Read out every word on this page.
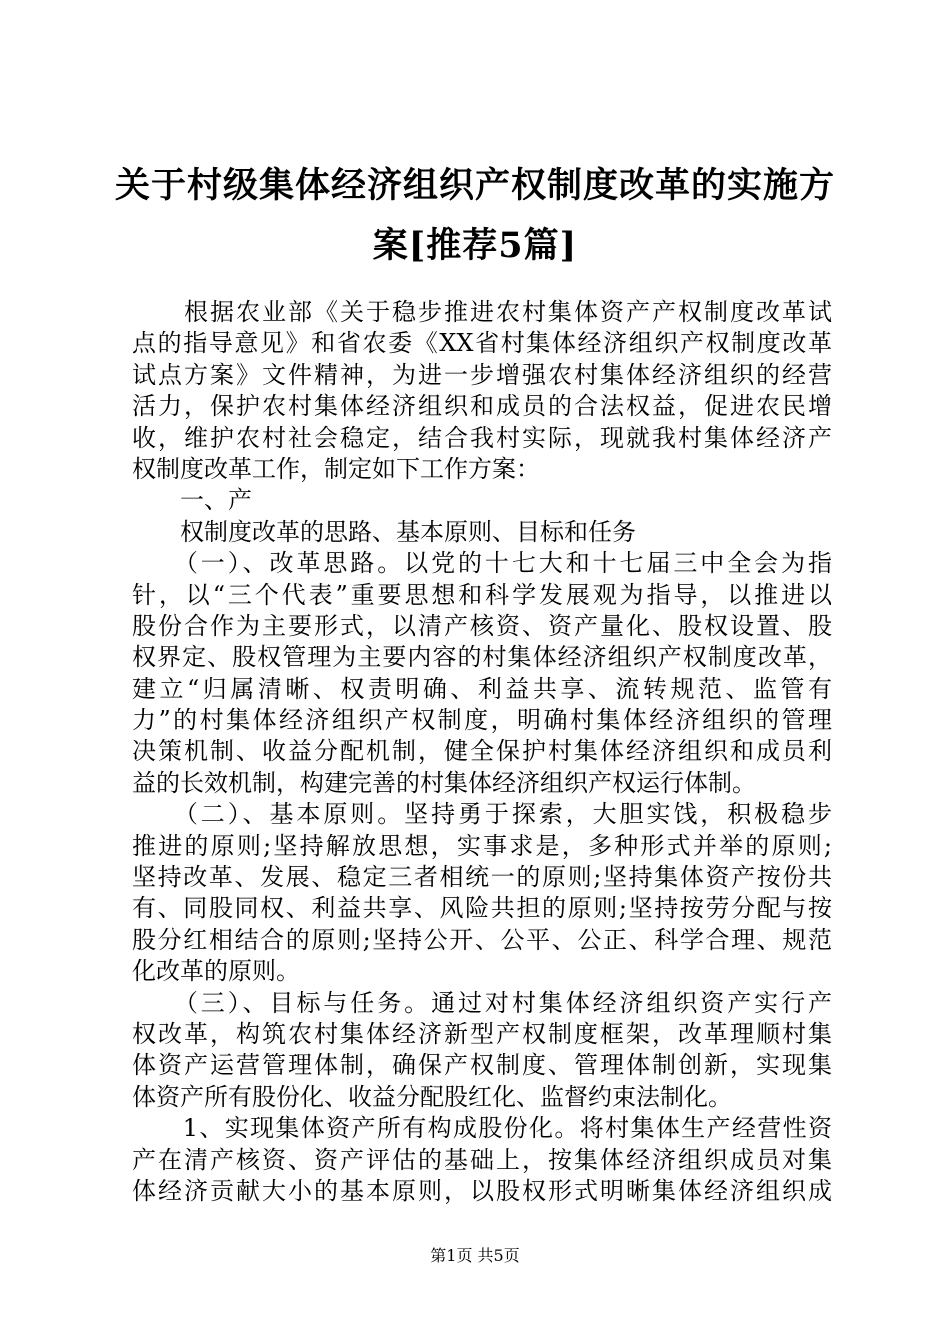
关于村级集体经济组织产权制度改革的实施方
案[推荐5篇]
　　根据农业部《关于稳步推进农村集体资产产权制度改革试
点的指导意见》和省农委《XX省村集体经济组织产权制度改革
试点方案》文件精神，为进一步增强农村集体经济组织的经营
活力，保护农村集体经济组织和成员的合法权益，促进农民增
收，维护农村社会稳定，结合我村实际，现就我村集体经济产
权制度改革工作，制定如下工作方案：
　　一、产
　　权制度改革的思路、基本原则、目标和任务
　　（一）、改革思路。以党的十七大和十七届三中全会为指
针，以“三个代表”重要思想和科学发展观为指导，以推进以
股份合作为主要形式，以清产核资、资产量化、股权设置、股
权界定、股权管理为主要内容的村集体经济组织产权制度改革，
建立“归属清晰、权责明确、利益共享、流转规范、监管有
力”的村集体经济组织产权制度，明确村集体经济组织的管理
决策机制、收益分配机制，健全保护村集体经济组织和成员利
益的长效机制，构建完善的村集体经济组织产权运行体制。
　　（二）、基本原则。坚持勇于探索，大胆实饯，积极稳步
推进的原则;坚持解放思想，实事求是，多种形式并举的原则;
坚持改革、发展、稳定三者相统一的原则;坚持集体资产按份共
有、同股同权、利益共享、风险共担的原则;坚持按劳分配与按
股分红相结合的原则;坚持公开、公平、公正、科学合理、规范
化改革的原则。
　　（三）、目标与任务。通过对村集体经济组织资产实行产
权改革，构筑农村集体经济新型产权制度框架，改革理顺村集
体资产运营管理体制，确保产权制度、管理体制创新，实现集
体资产所有股份化、收益分配股红化、监督约束法制化。
　　1、实现集体资产所有构成股份化。将村集体生产经营性资
产在清产核资、资产评估的基础上，按集体经济组织成员对集
体经济贡献大小的基本原则，以股权形式明晰集体经济组织成
第1页 共5页
